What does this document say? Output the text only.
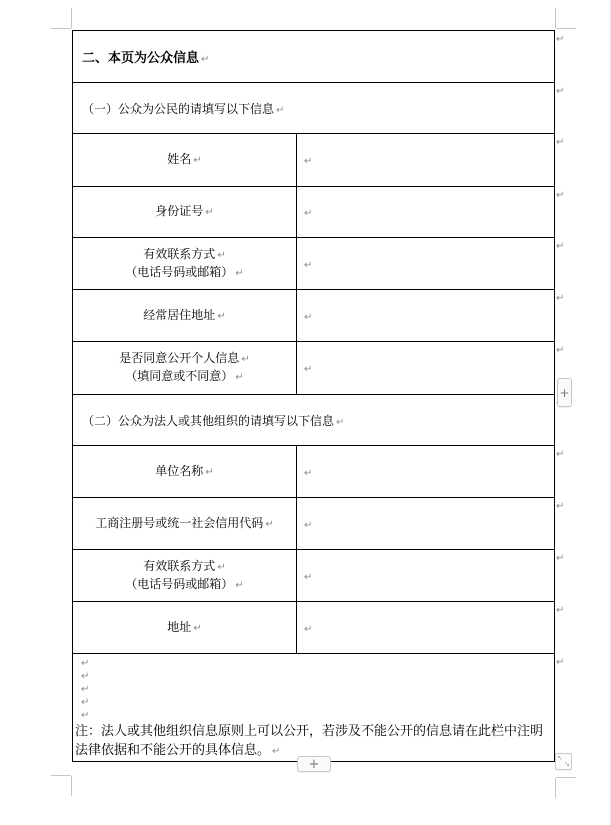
↵
↵
↵
↵
↵
↵
↵
↵
↵
↵
↵
↵
二、本页为公众信息 ↵	
（一）公众为公民的请填写以下信息 ↵	

姓名 ↵	↵

身份证号 ↵	↵

有效联系方式 ↵
（电话号码或邮箱） ↵	↵

经常居住地址 ↵	↵

是否同意公开个人信息 ↵
（填同意或不同意） ↵	↵
（二）公众为法人或其他组织的请填写以下信息 ↵	

单位名称 ↵	↵

工商注册号或统一社会信用代码 ↵	↵

有效联系方式 ↵
（电话号码或邮箱） ↵	↵

地址 ↵	↵

↵
↵
↵
↵
↵
注：法人或其他组织信息原则上可以公开，若涉及不能公开的信息请在此栏中注明法律依据和不能公开的具体信息。 ↵
+
+	↖
↘
